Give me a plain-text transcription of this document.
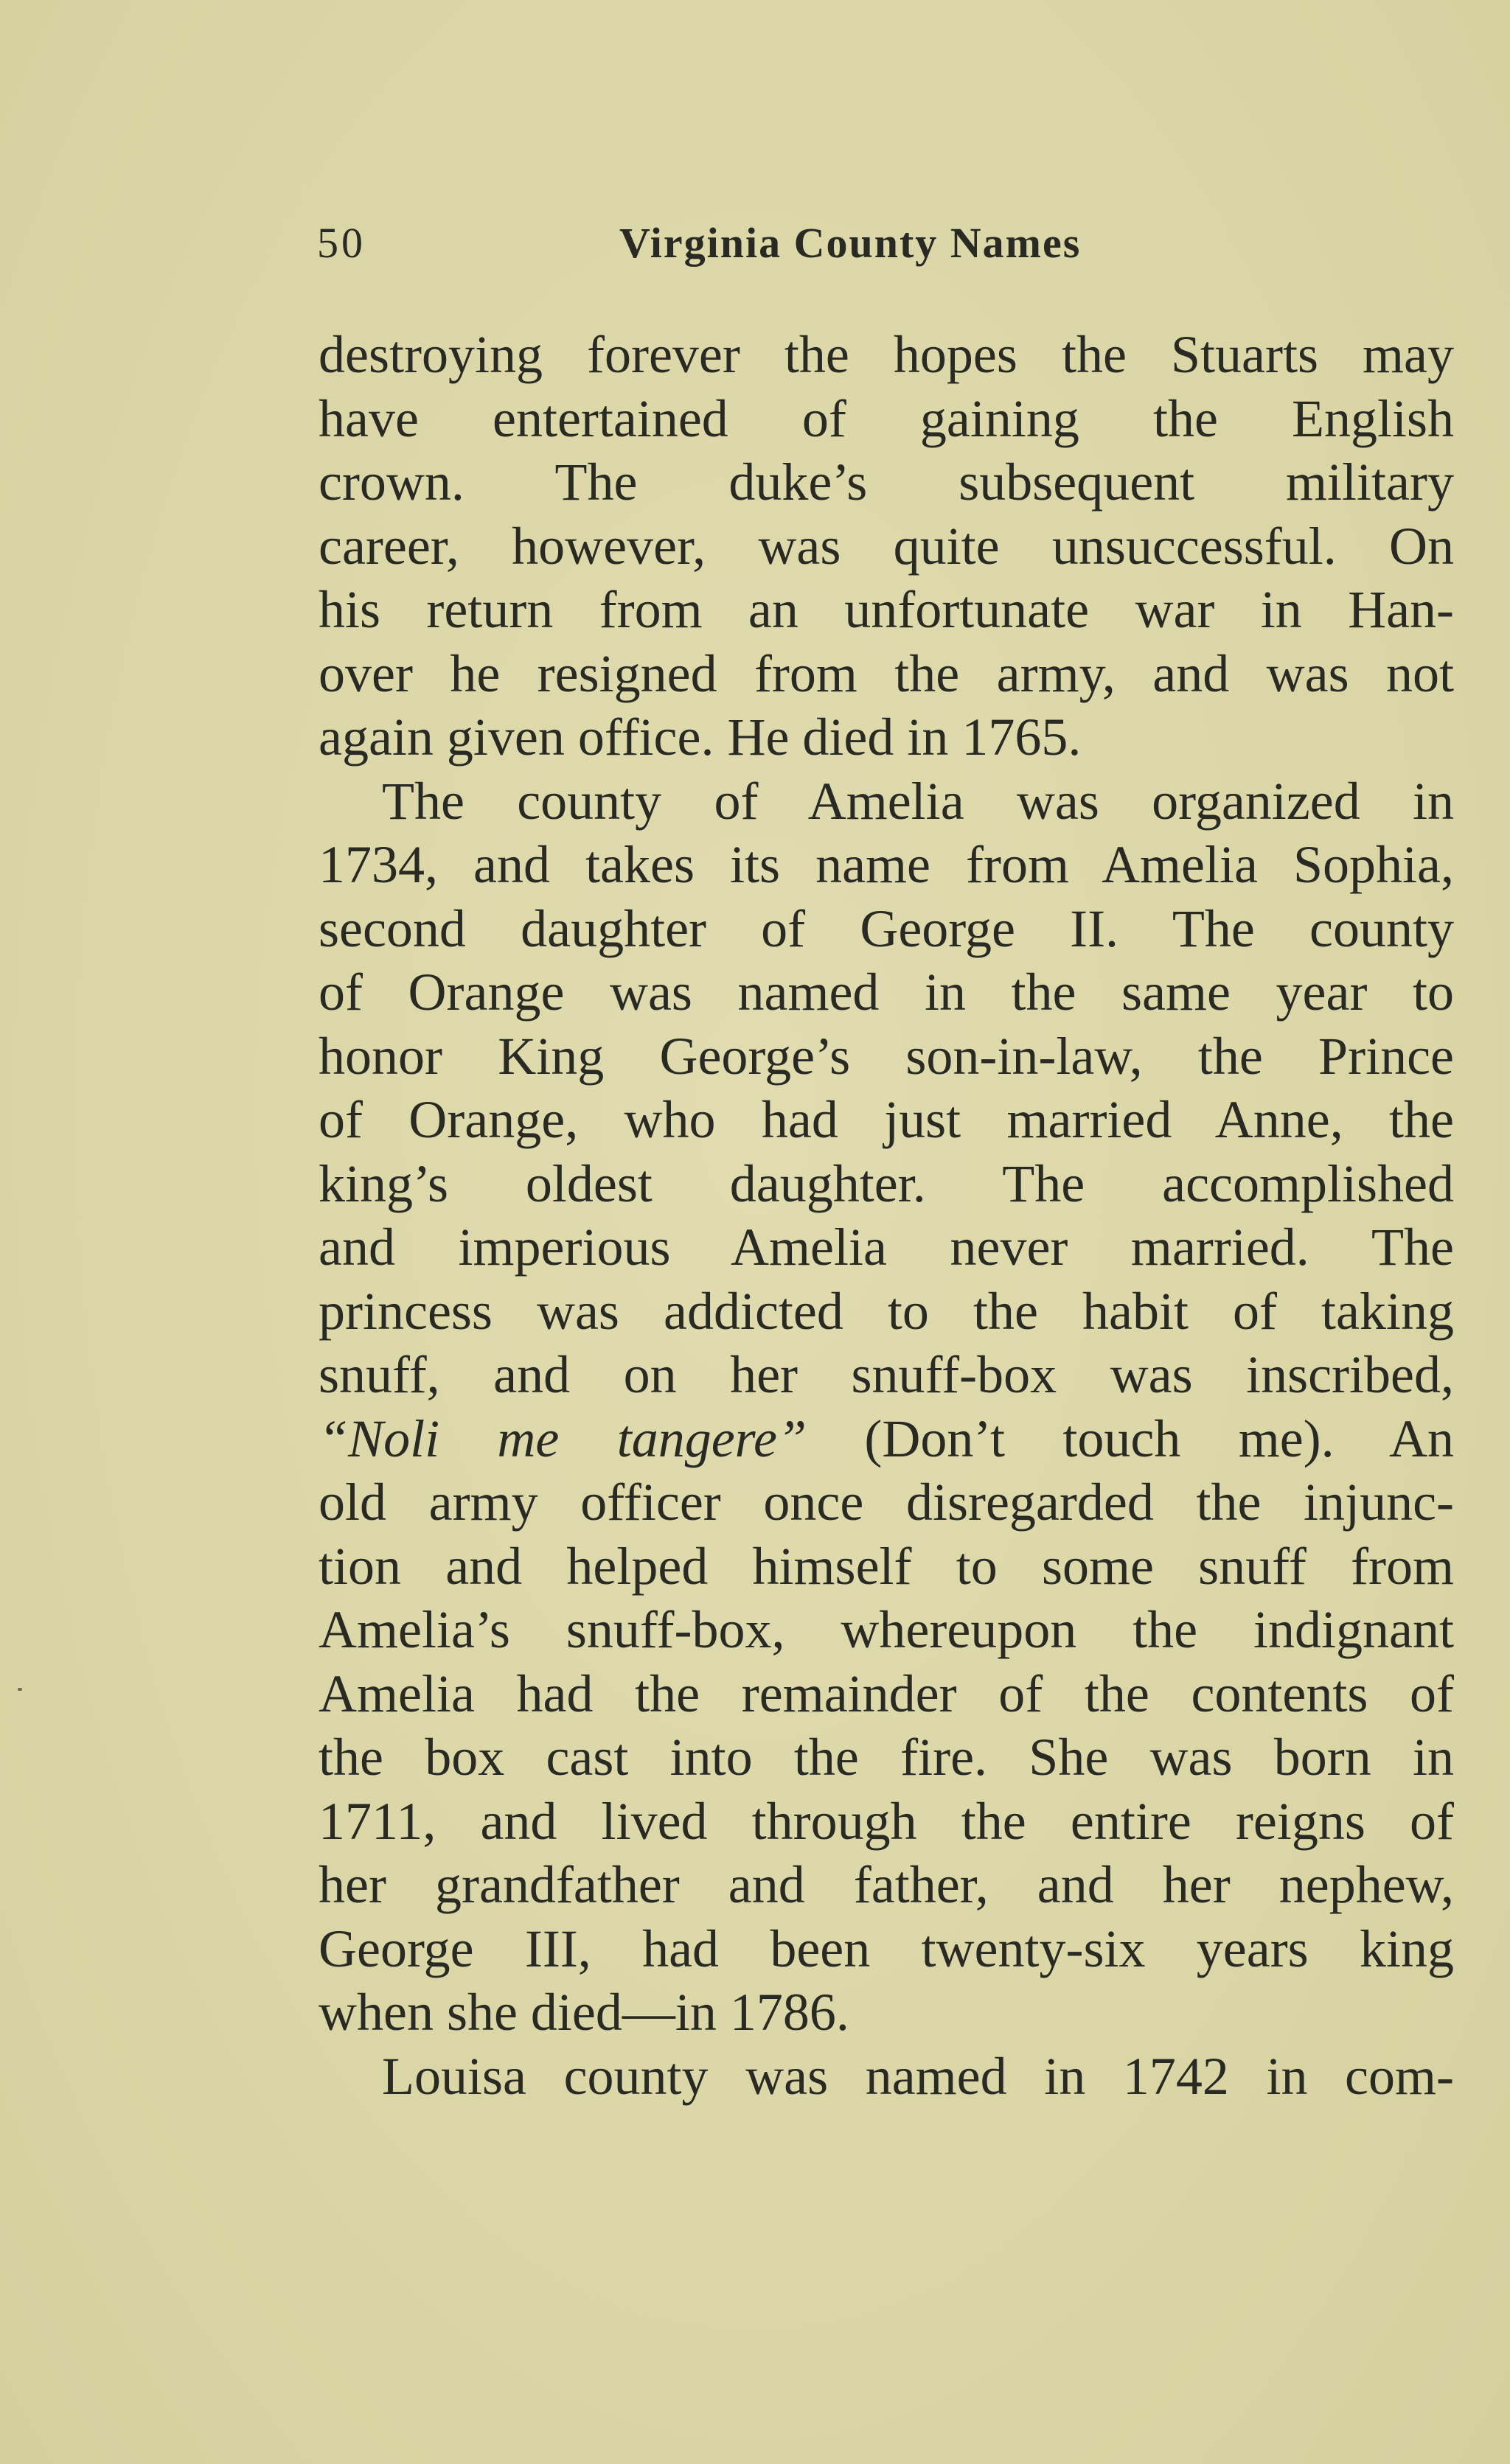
50	Virginia County Names
destroying forever the hopes the Stuarts may
have entertained of gaining the English
crown. The duke’s subsequent military
career, however, was quite unsuccessful. On
his return from an unfortunate war in Han-
over he resigned from the army, and was not
again given office. He died in 1765.
The county of Amelia was organized in
1734, and takes its name from Amelia Sophia,
second daughter of George II. The county
of Orange was named in the same year to
honor King George’s son-in-law, the Prince
of Orange, who had just married Anne, the
king’s oldest daughter. The accomplished
and imperious Amelia never married. The
princess was addicted to the habit of taking
snuff, and on her snuff-box was inscribed,
“Noli me tangere” (Don’t touch me). An
old army officer once disregarded the injunc-
tion and helped himself to some snuff from
Amelia’s snuff-box, whereupon the indignant
Amelia had the remainder of the contents of
the box cast into the fire. She was born in
1711, and lived through the entire reigns of
her grandfather and father, and her nephew,
George III, had been twenty-six years king
when she died—in 1786.
Louisa county was named in 1742 in com-
